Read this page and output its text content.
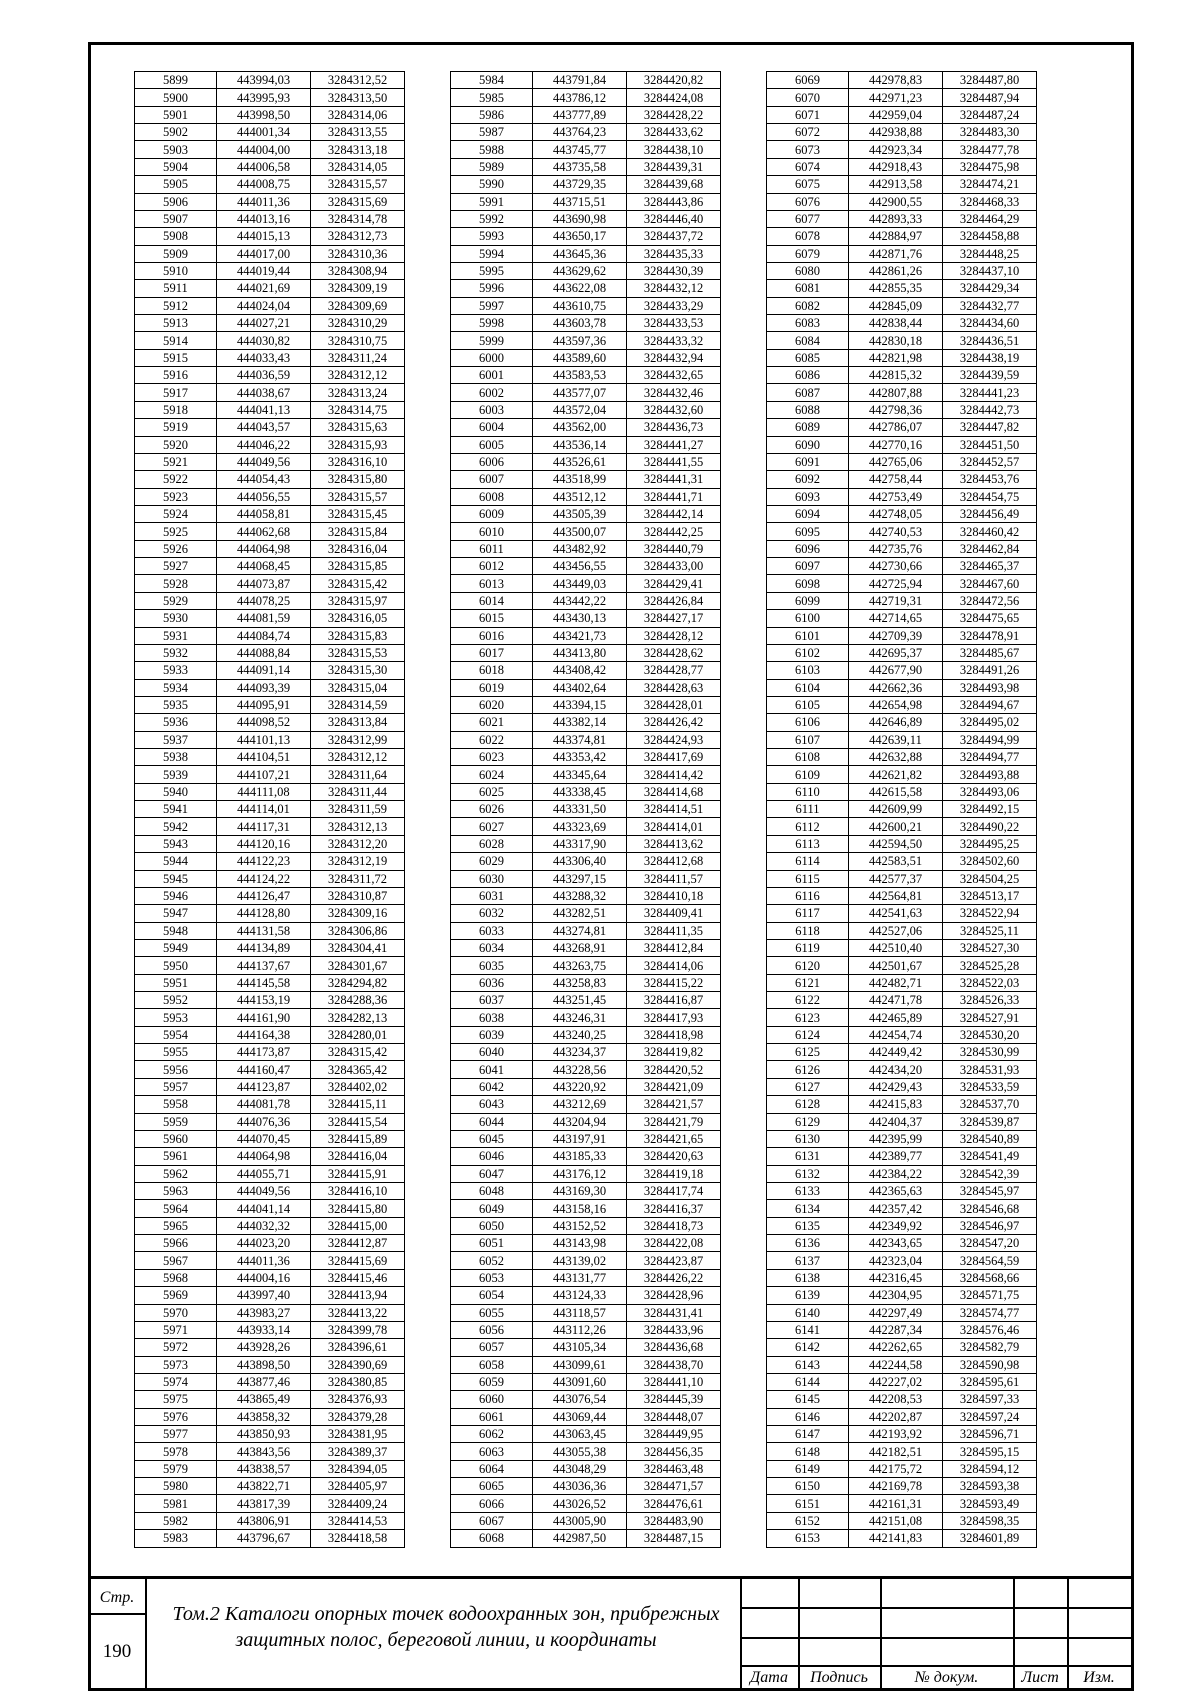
5899	443994,03	3284312,52
5900	443995,93	3284313,50
5901	443998,50	3284314,06
5902	444001,34	3284313,55
5903	444004,00	3284313,18
5904	444006,58	3284314,05
5905	444008,75	3284315,57
5906	444011,36	3284315,69
5907	444013,16	3284314,78
5908	444015,13	3284312,73
5909	444017,00	3284310,36
5910	444019,44	3284308,94
5911	444021,69	3284309,19
5912	444024,04	3284309,69
5913	444027,21	3284310,29
5914	444030,82	3284310,75
5915	444033,43	3284311,24
5916	444036,59	3284312,12
5917	444038,67	3284313,24
5918	444041,13	3284314,75
5919	444043,57	3284315,63
5920	444046,22	3284315,93
5921	444049,56	3284316,10
5922	444054,43	3284315,80
5923	444056,55	3284315,57
5924	444058,81	3284315,45
5925	444062,68	3284315,84
5926	444064,98	3284316,04
5927	444068,45	3284315,85
5928	444073,87	3284315,42
5929	444078,25	3284315,97
5930	444081,59	3284316,05
5931	444084,74	3284315,83
5932	444088,84	3284315,53
5933	444091,14	3284315,30
5934	444093,39	3284315,04
5935	444095,91	3284314,59
5936	444098,52	3284313,84
5937	444101,13	3284312,99
5938	444104,51	3284312,12
5939	444107,21	3284311,64
5940	444111,08	3284311,44
5941	444114,01	3284311,59
5942	444117,31	3284312,13
5943	444120,16	3284312,20
5944	444122,23	3284312,19
5945	444124,22	3284311,72
5946	444126,47	3284310,87
5947	444128,80	3284309,16
5948	444131,58	3284306,86
5949	444134,89	3284304,41
5950	444137,67	3284301,67
5951	444145,58	3284294,82
5952	444153,19	3284288,36
5953	444161,90	3284282,13
5954	444164,38	3284280,01
5955	444173,87	3284315,42
5956	444160,47	3284365,42
5957	444123,87	3284402,02
5958	444081,78	3284415,11
5959	444076,36	3284415,54
5960	444070,45	3284415,89
5961	444064,98	3284416,04
5962	444055,71	3284415,91
5963	444049,56	3284416,10
5964	444041,14	3284415,80
5965	444032,32	3284415,00
5966	444023,20	3284412,87
5967	444011,36	3284415,69
5968	444004,16	3284415,46
5969	443997,40	3284413,94
5970	443983,27	3284413,22
5971	443933,14	3284399,78
5972	443928,26	3284396,61
5973	443898,50	3284390,69
5974	443877,46	3284380,85
5975	443865,49	3284376,93
5976	443858,32	3284379,28
5977	443850,93	3284381,95
5978	443843,56	3284389,37
5979	443838,57	3284394,05
5980	443822,71	3284405,97
5981	443817,39	3284409,24
5982	443806,91	3284414,53
5983	443796,67	3284418,58
5984	443791,84	3284420,82
5985	443786,12	3284424,08
5986	443777,89	3284428,22
5987	443764,23	3284433,62
5988	443745,77	3284438,10
5989	443735,58	3284439,31
5990	443729,35	3284439,68
5991	443715,51	3284443,86
5992	443690,98	3284446,40
5993	443650,17	3284437,72
5994	443645,36	3284435,33
5995	443629,62	3284430,39
5996	443622,08	3284432,12
5997	443610,75	3284433,29
5998	443603,78	3284433,53
5999	443597,36	3284433,32
6000	443589,60	3284432,94
6001	443583,53	3284432,65
6002	443577,07	3284432,46
6003	443572,04	3284432,60
6004	443562,00	3284436,73
6005	443536,14	3284441,27
6006	443526,61	3284441,55
6007	443518,99	3284441,31
6008	443512,12	3284441,71
6009	443505,39	3284442,14
6010	443500,07	3284442,25
6011	443482,92	3284440,79
6012	443456,55	3284433,00
6013	443449,03	3284429,41
6014	443442,22	3284426,84
6015	443430,13	3284427,17
6016	443421,73	3284428,12
6017	443413,80	3284428,62
6018	443408,42	3284428,77
6019	443402,64	3284428,63
6020	443394,15	3284428,01
6021	443382,14	3284426,42
6022	443374,81	3284424,93
6023	443353,42	3284417,69
6024	443345,64	3284414,42
6025	443338,45	3284414,68
6026	443331,50	3284414,51
6027	443323,69	3284414,01
6028	443317,90	3284413,62
6029	443306,40	3284412,68
6030	443297,15	3284411,57
6031	443288,32	3284410,18
6032	443282,51	3284409,41
6033	443274,81	3284411,35
6034	443268,91	3284412,84
6035	443263,75	3284414,06
6036	443258,83	3284415,22
6037	443251,45	3284416,87
6038	443246,31	3284417,93
6039	443240,25	3284418,98
6040	443234,37	3284419,82
6041	443228,56	3284420,52
6042	443220,92	3284421,09
6043	443212,69	3284421,57
6044	443204,94	3284421,79
6045	443197,91	3284421,65
6046	443185,33	3284420,63
6047	443176,12	3284419,18
6048	443169,30	3284417,74
6049	443158,16	3284416,37
6050	443152,52	3284418,73
6051	443143,98	3284422,08
6052	443139,02	3284423,87
6053	443131,77	3284426,22
6054	443124,33	3284428,96
6055	443118,57	3284431,41
6056	443112,26	3284433,96
6057	443105,34	3284436,68
6058	443099,61	3284438,70
6059	443091,60	3284441,10
6060	443076,54	3284445,39
6061	443069,44	3284448,07
6062	443063,45	3284449,95
6063	443055,38	3284456,35
6064	443048,29	3284463,48
6065	443036,36	3284471,57
6066	443026,52	3284476,61
6067	443005,90	3284483,90
6068	442987,50	3284487,15
6069	442978,83	3284487,80
6070	442971,23	3284487,94
6071	442959,04	3284487,24
6072	442938,88	3284483,30
6073	442923,34	3284477,78
6074	442918,43	3284475,98
6075	442913,58	3284474,21
6076	442900,55	3284468,33
6077	442893,33	3284464,29
6078	442884,97	3284458,88
6079	442871,76	3284448,25
6080	442861,26	3284437,10
6081	442855,35	3284429,34
6082	442845,09	3284432,77
6083	442838,44	3284434,60
6084	442830,18	3284436,51
6085	442821,98	3284438,19
6086	442815,32	3284439,59
6087	442807,88	3284441,23
6088	442798,36	3284442,73
6089	442786,07	3284447,82
6090	442770,16	3284451,50
6091	442765,06	3284452,57
6092	442758,44	3284453,76
6093	442753,49	3284454,75
6094	442748,05	3284456,49
6095	442740,53	3284460,42
6096	442735,76	3284462,84
6097	442730,66	3284465,37
6098	442725,94	3284467,60
6099	442719,31	3284472,56
6100	442714,65	3284475,65
6101	442709,39	3284478,91
6102	442695,37	3284485,67
6103	442677,90	3284491,26
6104	442662,36	3284493,98
6105	442654,98	3284494,67
6106	442646,89	3284495,02
6107	442639,11	3284494,99
6108	442632,88	3284494,77
6109	442621,82	3284493,88
6110	442615,58	3284493,06
6111	442609,99	3284492,15
6112	442600,21	3284490,22
6113	442594,50	3284495,25
6114	442583,51	3284502,60
6115	442577,37	3284504,25
6116	442564,81	3284513,17
6117	442541,63	3284522,94
6118	442527,06	3284525,11
6119	442510,40	3284527,30
6120	442501,67	3284525,28
6121	442482,71	3284522,03
6122	442471,78	3284526,33
6123	442465,89	3284527,91
6124	442454,74	3284530,20
6125	442449,42	3284530,99
6126	442434,20	3284531,93
6127	442429,43	3284533,59
6128	442415,83	3284537,70
6129	442404,37	3284539,87
6130	442395,99	3284540,89
6131	442389,77	3284541,49
6132	442384,22	3284542,39
6133	442365,63	3284545,97
6134	442357,42	3284546,68
6135	442349,92	3284546,97
6136	442343,65	3284547,20
6137	442323,04	3284564,59
6138	442316,45	3284568,66
6139	442304,95	3284571,75
6140	442297,49	3284574,77
6141	442287,34	3284576,46
6142	442262,65	3284582,79
6143	442244,58	3284590,98
6144	442227,02	3284595,61
6145	442208,53	3284597,33
6146	442202,87	3284597,24
6147	442193,92	3284596,71
6148	442182,51	3284595,15
6149	442175,72	3284594,12
6150	442169,78	3284593,38
6151	442161,31	3284593,49
6152	442151,08	3284598,35
6153	442141,83	3284601,89
Стр.
190
Том.2 Каталоги опорных точек водоохранных зон, прибрежных защитных полос, береговой линии, и координаты
Дата	Подпись	№ докум.	Лист	Изм.
